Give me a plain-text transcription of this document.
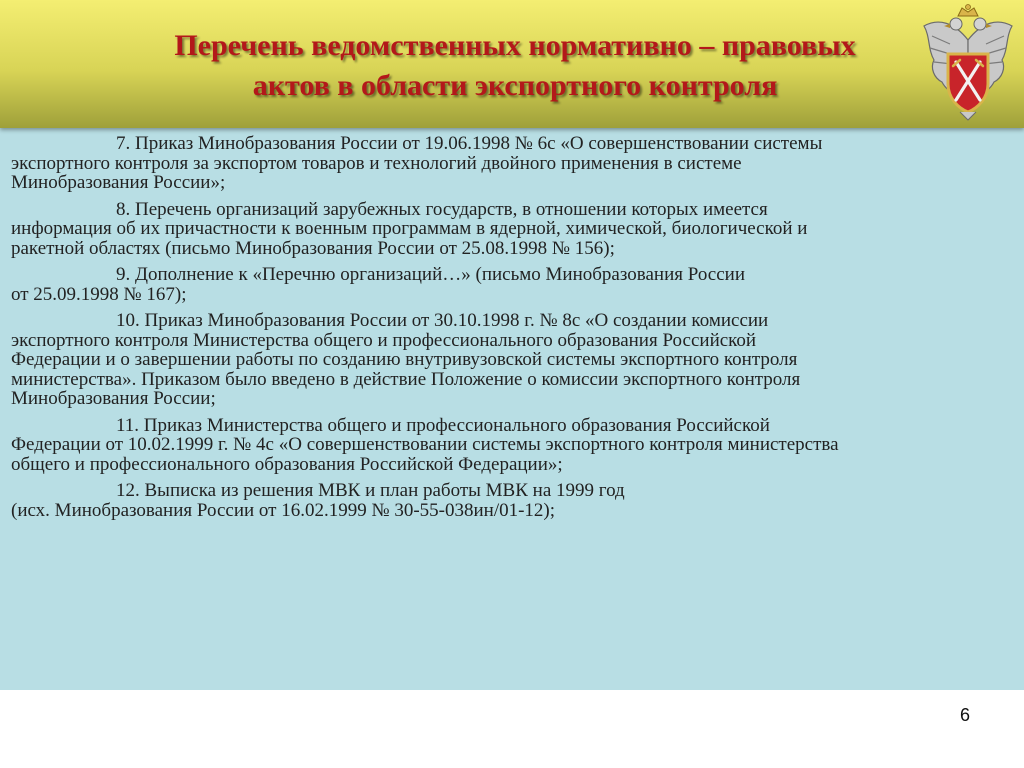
Перечень ведомственных нормативно – правовых
актов в области экспортного контроля

7. Приказ Минобразования России от 19.06.1998 № 6с «О совершенствовании системы
экспортного контроля за экспортом товаров и технологий двойного применения в системе
Минобразования России»;

8. Перечень организаций зарубежных государств, в отношении которых имеется
информация об их причастности к военным программам в ядерной, химической, биологической и
ракетной областях (письмо Минобразования России от 25.08.1998 № 156);

9. Дополнение к «Перечню организаций…» (письмо Минобразования России
от 25.09.1998 № 167);

10. Приказ Минобразования России от 30.10.1998 г. № 8с «О создании комиссии
экспортного контроля Министерства общего и профессионального образования Российской
Федерации и о завершении работы по созданию внутривузовской системы экспортного контроля
министерства». Приказом было введено в действие Положение о комиссии экспортного контроля
Минобразования России;

11. Приказ Министерства общего и профессионального образования Российской
Федерации от 10.02.1999 г. № 4с «О совершенствовании системы экспортного контроля министерства
общего и профессионального образования Российской Федерации»;

12. Выписка из решения МВК и план работы МВК на 1999 год
(исх. Минобразования России от 16.02.1999 № 30-55-038ин/01-12);

6
